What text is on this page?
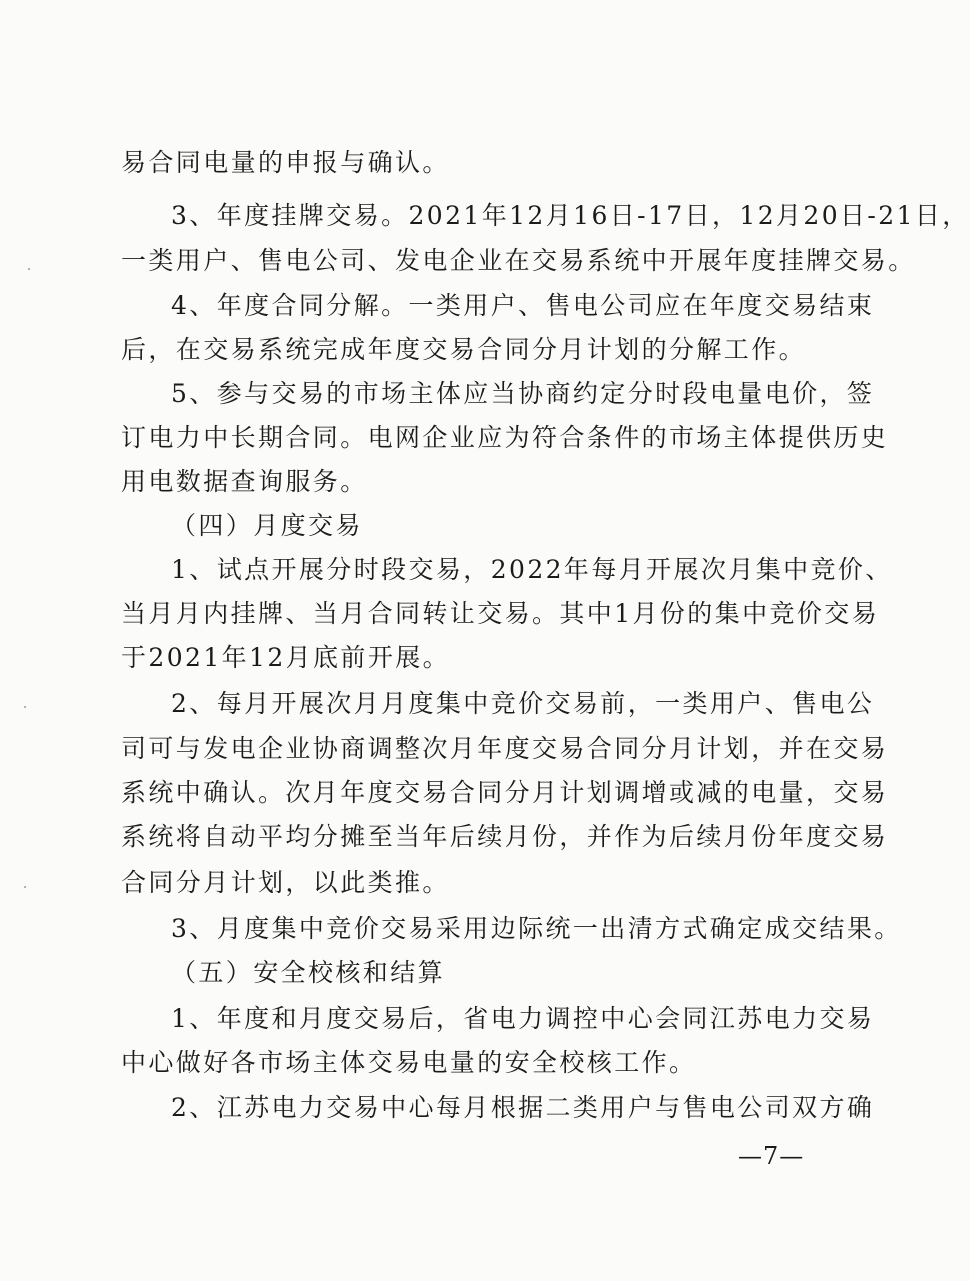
易合同电量的申报与确认。
3、年度挂牌交易。2021年12月16日-17日，12月20日-21日，
一类用户、售电公司、发电企业在交易系统中开展年度挂牌交易。
4、年度合同分解。一类用户、售电公司应在年度交易结束
后，在交易系统完成年度交易合同分月计划的分解工作。
5、参与交易的市场主体应当协商约定分时段电量电价，签
订电力中长期合同。电网企业应为符合条件的市场主体提供历史
用电数据查询服务。
（四）月度交易
1、试点开展分时段交易，2022年每月开展次月集中竞价、
当月月内挂牌、当月合同转让交易。其中1月份的集中竞价交易
于2021年12月底前开展。
2、每月开展次月月度集中竞价交易前，一类用户、售电公
司可与发电企业协商调整次月年度交易合同分月计划，并在交易
系统中确认。次月年度交易合同分月计划调增或减的电量，交易
系统将自动平均分摊至当年后续月份，并作为后续月份年度交易
合同分月计划，以此类推。
3、月度集中竞价交易采用边际统一出清方式确定成交结果。
（五）安全校核和结算
1、年度和月度交易后，省电力调控中心会同江苏电力交易
中心做好各市场主体交易电量的安全校核工作。
2、江苏电力交易中心每月根据二类用户与售电公司双方确
—7—
